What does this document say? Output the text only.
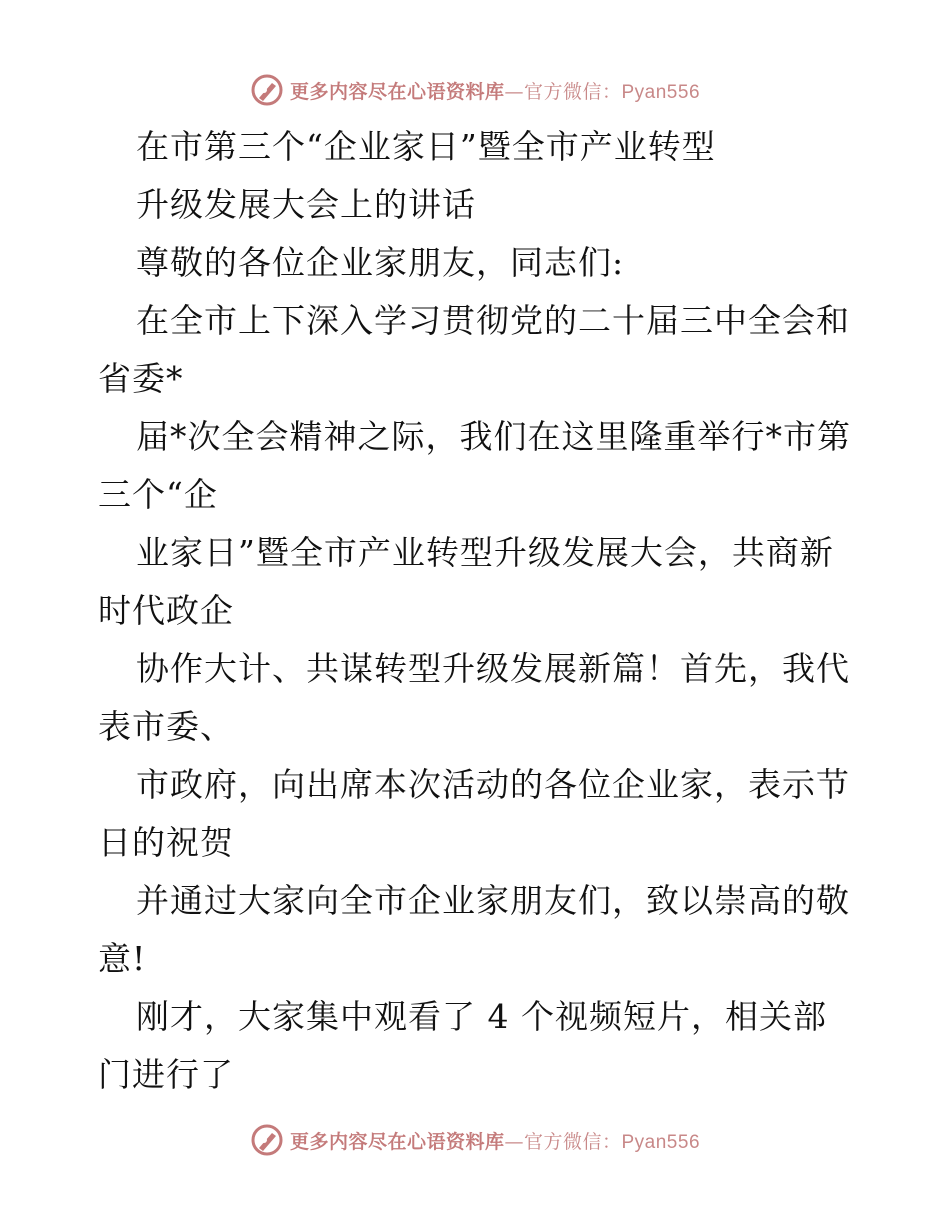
更多内容尽在心语资料库—官方微信：Pyan556
在市第三个“企业家日”暨全市产业转型
升级发展大会上的讲话
尊敬的各位企业家朋友，同志们:
在全市上下深入学习贯彻党的二十届三中全会和
省委*
届*次全会精神之际，我们在这里隆重举行*市第
三个“企
业家日”暨全市产业转型升级发展大会，共商新
时代政企
协作大计、共谋转型升级发展新篇！首先，我代
表市委、
市政府，向出席本次活动的各位企业家，表示节
日的祝贺
并通过大家向全市企业家朋友们，致以崇高的敬
意!
刚才，大家集中观看了 4 个视频短片，相关部
门进行了
更多内容尽在心语资料库—官方微信：Pyan556
